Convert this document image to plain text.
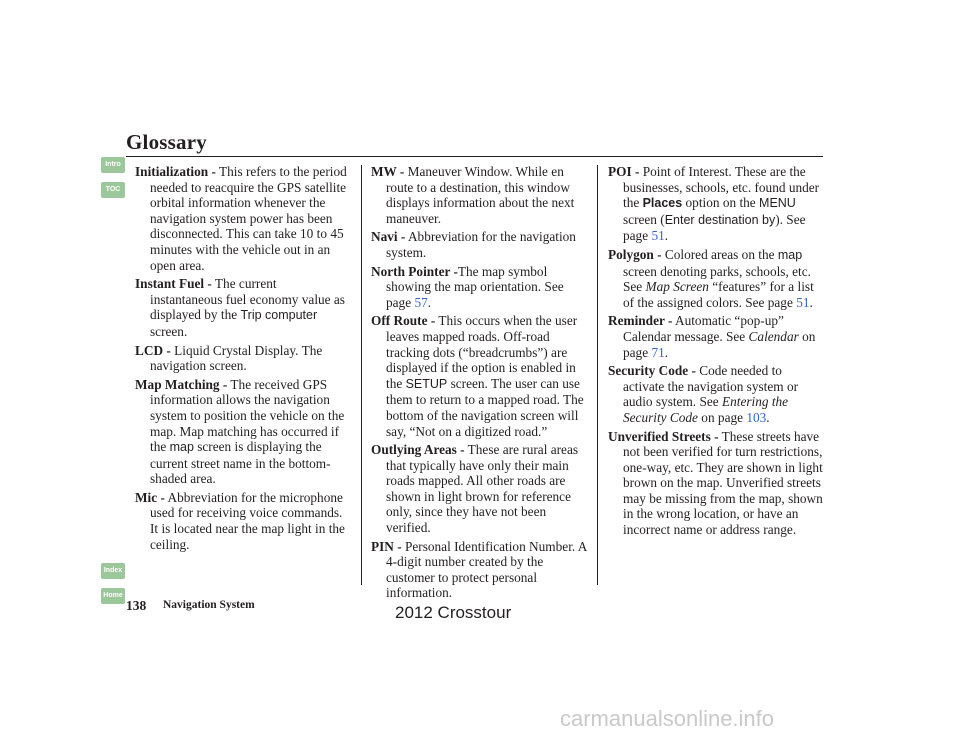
Glossary
Intro
TOC
Index
Home

Initialization - This refers to the period needed to reacquire the GPS satellite orbital information whenever the navigation system power has been disconnected. This can take 10 to 45 minutes with the vehicle out in an open area.

Instant Fuel - The current instantaneous fuel economy value as displayed by the Trip computer screen.

LCD - Liquid Crystal Display. The navigation screen.

Map Matching - The received GPS information allows the navigation system to position the vehicle on the map. Map matching has occurred if the map screen is displaying the current street name in the bottom-shaded area.

Mic - Abbreviation for the microphone used for receiving voice commands. It is located near the map light in the ceiling.

MW - Maneuver Window. While en route to a destination, this window displays information about the next maneuver.

Navi - Abbreviation for the navigation system.

North Pointer -The map symbol showing the map orientation. See page 57.

Off Route - This occurs when the user leaves mapped roads. Off-road tracking dots (“breadcrumbs”) are displayed if the option is enabled in the SETUP screen. The user can use them to return to a mapped road. The bottom of the navigation screen will say, “Not on a digitized road.”

Outlying Areas - These are rural areas that typically have only their main roads mapped. All other roads are shown in light brown for reference only, since they have not been verified.

PIN - Personal Identification Number. A 4-digit number created by the customer to protect personal information.

POI - Point of Interest. These are the businesses, schools, etc. found under the Places option on the MENU screen (Enter destination by). See page 51.

Polygon - Colored areas on the map screen denoting parks, schools, etc. See Map Screen “features” for a list of the assigned colors. See page 51.

Reminder - Automatic “pop-up” Calendar message. See Calendar on page 71.

Security Code - Code needed to activate the navigation system or audio system. See Entering the Security Code on page 103.

Unverified Streets - These streets have not been verified for turn restrictions, one-way, etc. They are shown in light brown on the map. Unverified streets may be missing from the map, shown in the wrong location, or have an incorrect name or address range.

138 Navigation System	2012 Crosstour
carmanualsonline.info
